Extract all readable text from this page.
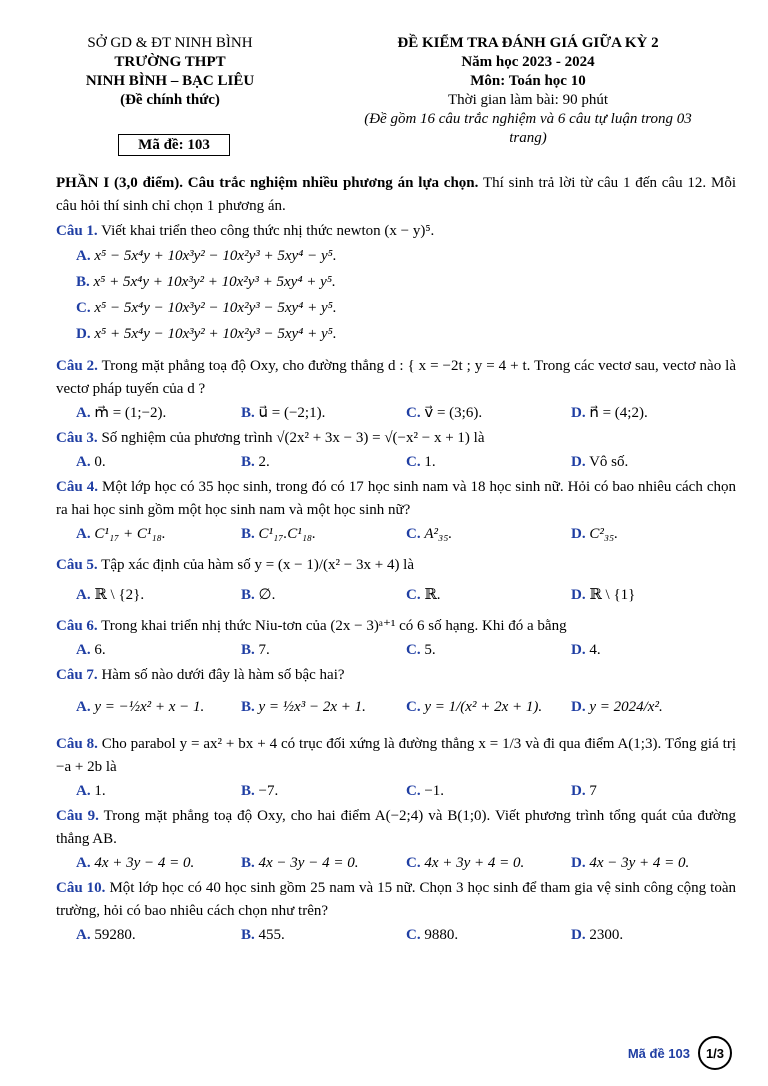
SỞ GD & ĐT NINH BÌNH
TRƯỜNG THPT
NINH BÌNH – BẠC LIÊU
(Đề chính thức)
Mã đề: 103
ĐỀ KIỂM TRA ĐÁNH GIÁ GIỮA KỲ 2
Năm học 2023 - 2024
Môn: Toán học 10
Thời gian làm bài: 90 phút
(Đề gồm 16 câu trắc nghiệm và 6 câu tự luận trong 03 trang)
PHẦN I (3,0 điểm). Câu trắc nghiệm nhiều phương án lựa chọn. Thí sinh trả lời từ câu 1 đến câu 12. Mỗi câu hỏi thí sinh chỉ chọn 1 phương án.
Câu 1. Viết khai triển theo công thức nhị thức newton (x − y)⁵.
A. x⁵ − 5x⁴y + 10x³y² − 10x²y³ + 5xy⁴ − y⁵.
B. x⁵ + 5x⁴y + 10x³y² + 10x²y³ + 5xy⁴ + y⁵.
C. x⁵ − 5x⁴y − 10x³y² − 10x²y³ − 5xy⁴ + y⁵.
D. x⁵ + 5x⁴y − 10x³y² + 10x²y³ − 5xy⁴ + y⁵.
Câu 2. Trong mặt phẳng toạ độ Oxy, cho đường thẳng d : { x = −2t ; y = 4 + t. Trong các vectơ sau, vectơ nào là vectơ pháp tuyến của d ?
A. m⃗ = (1;−2).	B. u⃗ = (−2;1).	C. v⃗ = (3;6).	D. n⃗ = (4;2).
Câu 3. Số nghiệm của phương trình √(2x² + 3x − 3) = √(−x² − x + 1) là
A. 0.	B. 2.	C. 1.	D. Vô số.
Câu 4. Một lớp học có 35 học sinh, trong đó có 17 học sinh nam và 18 học sinh nữ. Hỏi có bao nhiêu cách chọn ra hai học sinh gồm một học sinh nam và một học sinh nữ?
A. C¹₁₇ + C¹₁₈.	B. C¹₁₇.C¹₁₈.	C. A²₃₅.	D. C²₃₅.
Câu 5. Tập xác định của hàm số y = (x − 1)/(x² − 3x + 4) là
A. ℝ \ {2}.	B. ∅.	C. ℝ.	D. ℝ \ {1}
Câu 6. Trong khai triển nhị thức Niu-tơn của (2x − 3)ᵃ⁺¹ có 6 số hạng. Khi đó a bằng
A. 6.	B. 7.	C. 5.	D. 4.
Câu 7. Hàm số nào dưới đây là hàm số bậc hai?
A. y = −½x² + x − 1.	B. y = ½x³ − 2x + 1.	C. y = 1/(x² + 2x + 1).	D. y = 2024/x².
Câu 8. Cho parabol y = ax² + bx + 4 có trục đối xứng là đường thẳng x = 1/3 và đi qua điểm A(1;3). Tổng giá trị −a + 2b là
A. 1.	B. −7.	C. −1.	D. 7
Câu 9. Trong mặt phẳng toạ độ Oxy, cho hai điểm A(−2;4) và B(1;0). Viết phương trình tổng quát của đường thẳng AB.
A. 4x + 3y − 4 = 0.	B. 4x − 3y − 4 = 0.	C. 4x + 3y + 4 = 0.	D. 4x − 3y + 4 = 0.
Câu 10. Một lớp học có 40 học sinh gồm 25 nam và 15 nữ. Chọn 3 học sinh để tham gia vệ sinh công cộng toàn trường, hỏi có bao nhiêu cách chọn như trên?
A. 59280.	B. 455.	C. 9880.	D. 2300.
Mã đề 103	1/3
